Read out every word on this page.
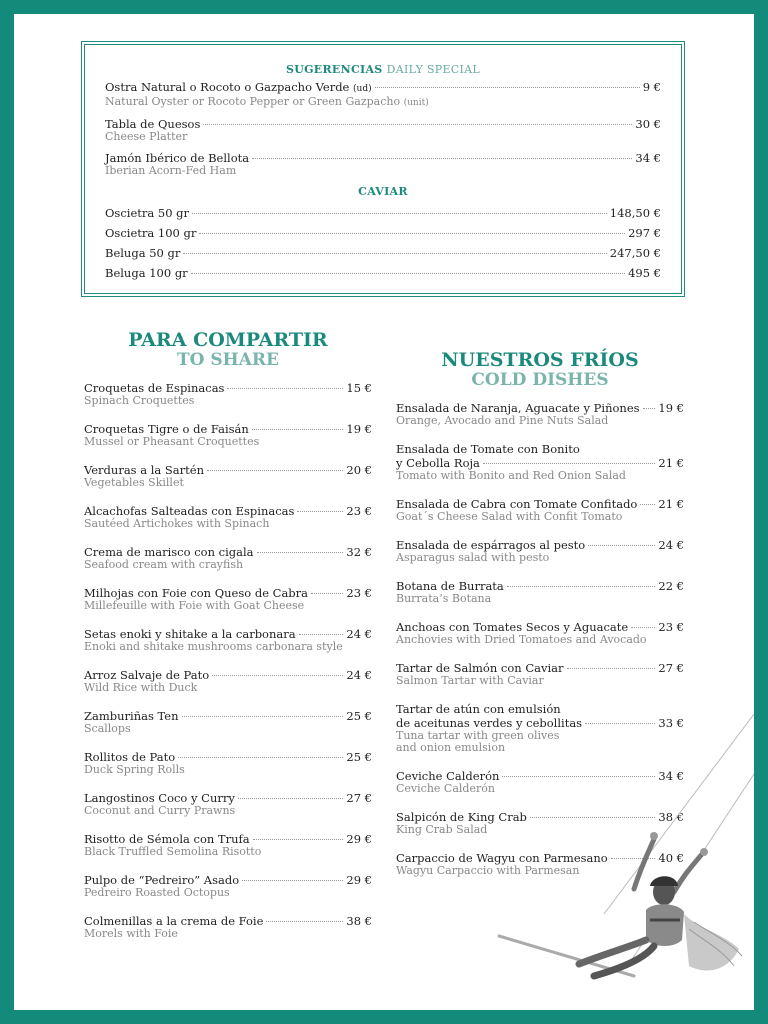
SUGERENCIAS DAILY SPECIAL
Ostra Natural o Rocoto o Gazpacho Verde (ud)	9 €
Natural Oyster or Rocoto Pepper or Green Gazpacho (unit)
Tabla de Quesos	30 €
Cheese Platter
Jamón Ibérico de Bellota	34 €
Iberian Acorn-Fed Ham
CAVIAR
Oscietra 50 gr	148,50 €
Oscietra 100 gr	297 €
Beluga 50 gr	247,50 €
Beluga 100 gr	495 €
PARA COMPARTIR
TO SHARE
Croquetas de Espinacas	15 €
Spinach Croquettes
Croquetas Tigre o de Faisán	19 €
Mussel or Pheasant Croquettes
Verduras a la Sartén	20 €
Vegetables Skillet
Alcachofas Salteadas con Espinacas	23 €
Sautéed Artichokes with Spinach
Crema de marisco con cigala	32 €
Seafood cream with crayfish
Milhojas con Foie con Queso de Cabra	23 €
Millefeuille with Foie with Goat Cheese
Setas enoki y shitake a la carbonara	24 €
Enoki and shitake mushrooms carbonara style
Arroz Salvaje de Pato	24 €
Wild Rice with Duck
Zamburiñas Ten	25 €
Scallops
Rollitos de Pato	25 €
Duck Spring Rolls
Langostinos Coco y Curry	27 €
Coconut and Curry Prawns
Risotto de Sémola con Trufa	29 €
Black Truffled Semolina Risotto
Pulpo de “Pedreiro” Asado	29 €
Pedreiro Roasted Octopus
Colmenillas a la crema de Foie	38 €
Morels with Foie
NUESTROS FRÍOS
COLD DISHES
Ensalada de Naranja, Aguacate y Piñones 19 €
Orange, Avocado and Pine Nuts Salad
Ensalada de Tomate con Bonito
y Cebolla Roja	21 €
Tomato with Bonito and Red Onion Salad
Ensalada de Cabra con Tomate Confitado 21 €
Goat´s Cheese Salad with Confit Tomato
Ensalada de espárragos al pesto	24 €
Asparagus salad with pesto
Botana de Burrata	22 €
Burrata’s Botana
Anchoas con Tomates Secos y Aguacate	23 €
Anchovies with Dried Tomatoes and Avocado
Tartar de Salmón con Caviar	27 €
Salmon Tartar with Caviar
Tartar de atún con emulsión
de aceitunas verdes y cebollitas	33 €
Tuna tartar with green olives
and onion emulsion
Ceviche Calderón	34 €
Ceviche Calderón
Salpicón de King Crab	38 €
King Crab Salad
Carpaccio de Wagyu con Parmesano	40 €
Wagyu Carpaccio with Parmesan
